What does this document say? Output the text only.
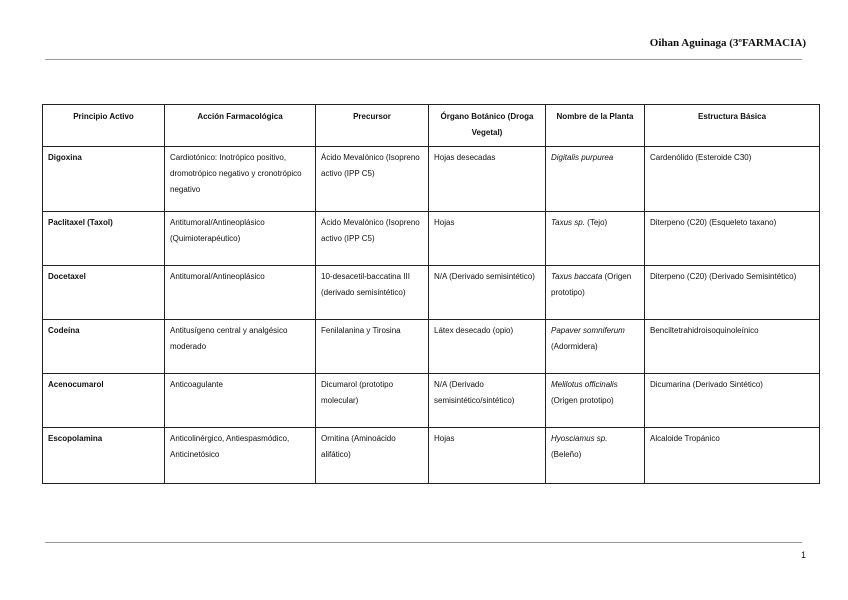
Oihan Aguinaga (3ºFARMACIA)
Principio Activo	Acción Farmacológica	Precursor	Órgano Botánico (Droga Vegetal)	Nombre de la Planta	Estructura Básica
Digoxina	Cardiotónico: Inotrópico positivo, dromotrópico negativo y cronotrópico negativo	Ácido Mevalónico (Isopreno activo (IPP C5)	Hojas desecadas	Digitalis purpurea	Cardenólido (Esteroide C30)
Paclitaxel (Taxol)	Antitumoral/Antineoplásico (Quimioterapéutico)	Ácido Mevalónico (Isopreno activo (IPP C5)	Hojas	Taxus sp. (Tejo)	Diterpeno (C20) (Esqueleto taxano)
Docetaxel	Antitumoral/Antineoplásico	10-desacetil-baccatina III (derivado semisintético)	N/A (Derivado semisintético)	Taxus baccata (Origen prototipo)	Diterpeno (C20) (Derivado Semisintético)
Codeína	Antitusígeno central y analgésico moderado	Fenilalanina y Tirosina	Látex desecado (opio)	Papaver somniferum (Adormidera)	Benciltetrahidroisoquinoleínico
Acenocumarol	Anticoagulante	Dicumarol (prototipo molecular)	N/A (Derivado semisintético/sintético)	Melilotus officinalis (Origen prototipo)	Dicumarina (Derivado Sintético)
Escopolamina	Anticolinérgico, Antiespasmódico, Anticinetósico	Ornitina (Aminoácido alifático)	Hojas	Hyosciamus sp. (Beleño)	Alcaloide Tropánico
1
